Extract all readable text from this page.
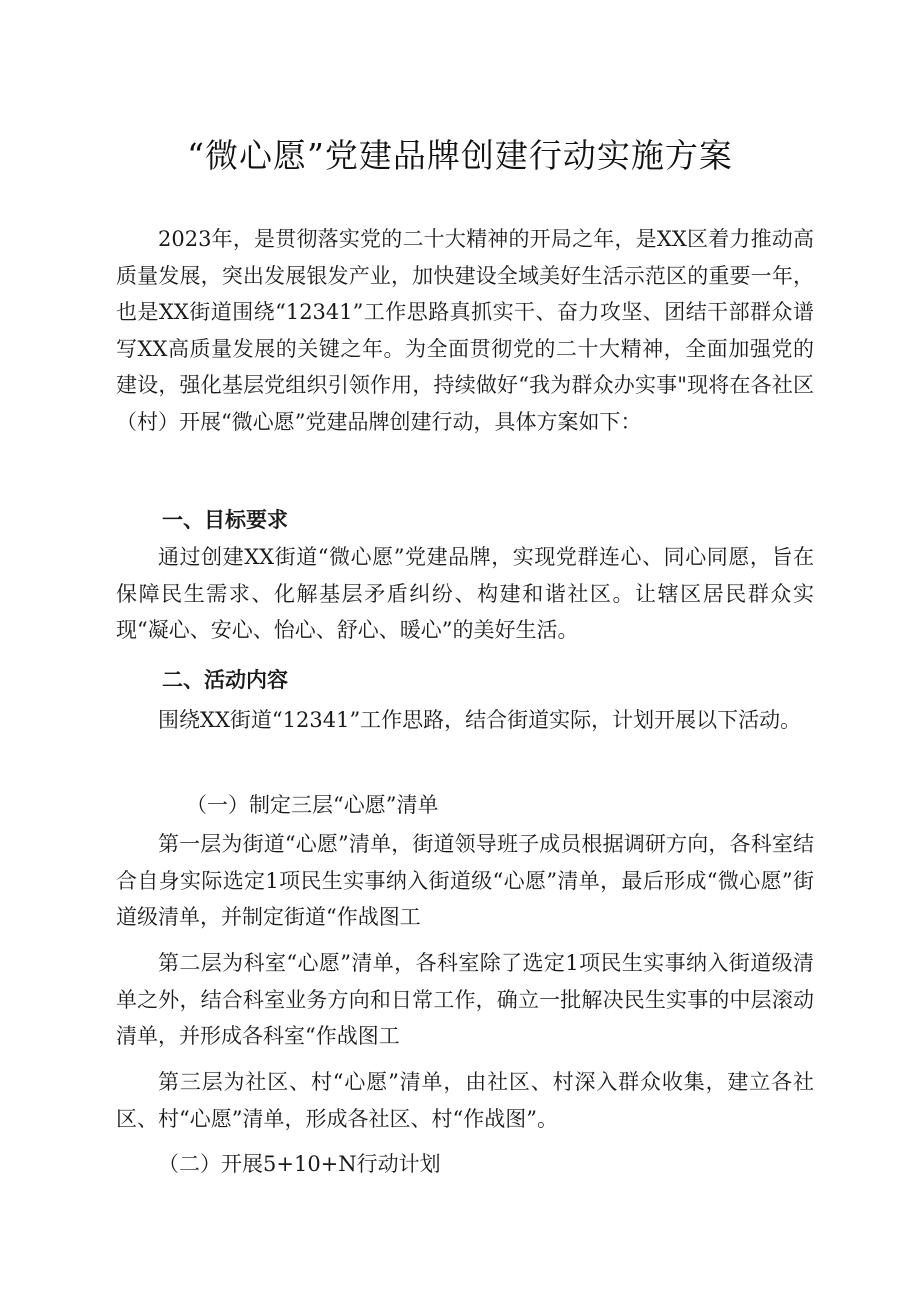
“微心愿”党建品牌创建行动实施方案

2023年，是贯彻落实党的二十大精神的开局之年，是XX区着力推动高质量发展，突出发展银发产业，加快建设全域美好生活示范区的重要一年，也是XX街道围绕“12341”工作思路真抓实干、奋力攻坚、团结干部群众谱写XX高质量发展的关键之年。为全面贯彻党的二十大精神，全面加强党的建设，强化基层党组织引领作用，持续做好“我为群众办实事"现将在各社区（村）开展“微心愿”党建品牌创建行动，具体方案如下：

一、目标要求

通过创建XX街道“微心愿”党建品牌，实现党群连心、同心同愿，旨在保障民生需求、化解基层矛盾纠纷、构建和谐社区。让辖区居民群众实现“凝心、安心、怡心、舒心、暖心”的美好生活。

二、活动内容

围绕XX街道“12341”工作思路，结合街道实际，计划开展以下活动。

（一）制定三层“心愿”清单

第一层为街道“心愿”清单，街道领导班子成员根据调研方向，各科室结合自身实际选定1项民生实事纳入街道级“心愿”清单，最后形成“微心愿”街道级清单，并制定街道“作战图工

第二层为科室“心愿”清单，各科室除了选定1项民生实事纳入街道级清单之外，结合科室业务方向和日常工作，确立一批解决民生实事的中层滚动清单，并形成各科室“作战图工

第三层为社区、村“心愿”清单，由社区、村深入群众收集，建立各社区、村“心愿”清单，形成各社区、村“作战图”。

（二）开展5+10+N行动计划
